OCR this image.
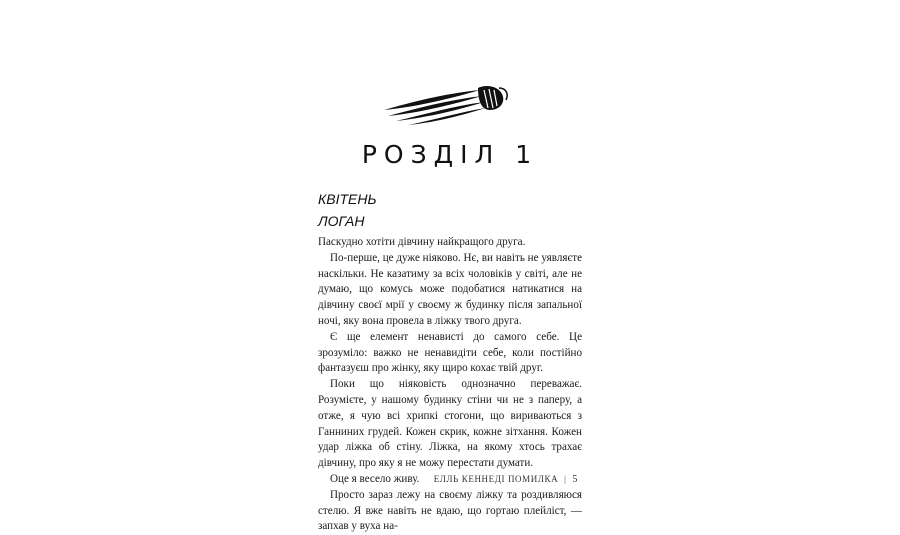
РОЗДІЛ 1
КВІТЕНЬ
ЛОГАН

Паскудно хотіти дівчину найкращого друга.

По-перше, це дуже ніяково. Нє, ви навіть не уявляєте наскільки. Не казатиму за всіх чоловіків у світі, але не думаю, що комусь може подобатися натикатися на дівчину своєї мрії у своєму ж будинку після запальної ночі, яку вона провела в ліжку твого друга.

Є ще елемент ненависті до самого себе. Це зрозуміло: важко не ненавидіти себе, коли постійно фантазуєш про жінку, яку щиро кохає твій друг.

Поки що ніяковість однозначно переважає. Розумієте, у нашому будинку стіни чи не з паперу, а отже, я чую всі хрипкі стогони, що вириваються з Ганниних грудей. Кожен скрик, кожне зітхання. Кожен удар ліжка об стіну. Ліжка, на якому хтось трахає дівчину, про яку я не можу перестати думати.

Оце я весело живу.

Просто зараз лежу на своєму ліжку та роздивляюся стелю. Я вже навіть не вдаю, що гортаю плейліст, — запхав у вуха на-

ЕЛЛЬ КЕННЕДІ ПОМИЛКА | 5
